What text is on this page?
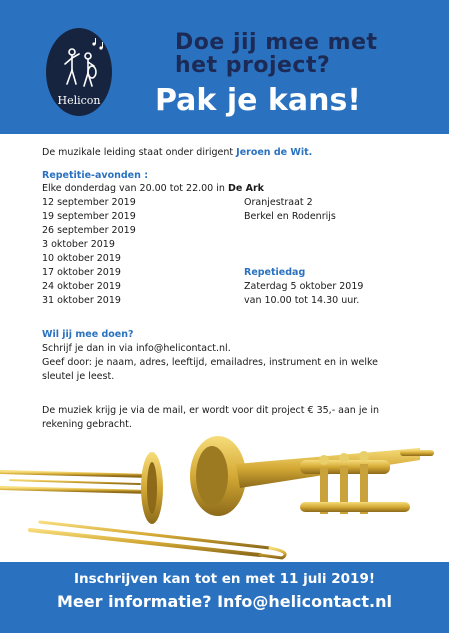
Helicon
Doe jij mee met
het project?
Pak je kans!
De muzikale leiding staat onder dirigent Jeroen de Wit.
Repetitie-avonden :
Elke donderdag van 20.00 tot 22.00 in De Ark
12 september 2019
19 september 2019
26 september 2019
3 oktober 2019
10 oktober 2019
17 oktober 2019
24 oktober 2019
31 oktober 2019
Oranjestraat 2
Berkel en Rodenrijs
Repetiedag
Zaterdag 5 oktober 2019
van 10.00 tot 14.30 uur.
Wil jij mee doen?
Schrijf je dan in via info@helicontact.nl.
Geef door: je naam, adres, leeftijd, emailadres, instrument en in welke
sleutel je leest.
De muziek krijg je via de mail, er wordt voor dit project € 35,- aan je in
rekening gebracht.
Inschrijven kan tot en met 11 juli 2019!
Meer informatie? Info@helicontact.nl
